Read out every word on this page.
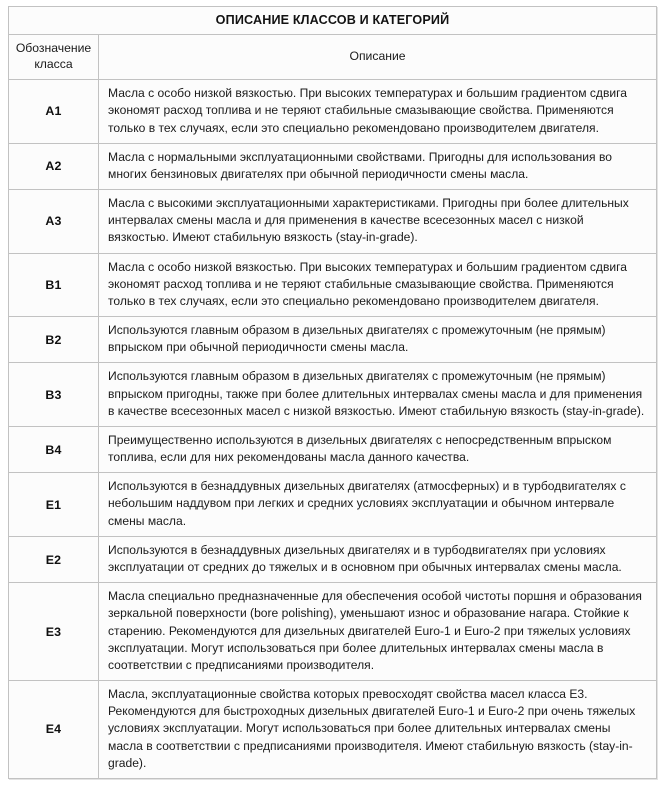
ОПИСАНИЕ КЛАССОВ И КАТЕГОРИЙ	
Обозначение класса	Описание
A1	Масла с особо низкой вязкостью. При высоких температурах и большим градиентом сдвига экономят расход топлива и не теряют стабильные смазывающие свойства. Применяются только в тех случаях, если это специально рекомендовано производителем двигателя.
A2	Масла с нормальными эксплуатационными свойствами. Пригодны для использования во многих бензиновых двигателях при обычной периодичности смены масла.
A3	Масла с высокими эксплуатационными характеристиками. Пригодны при более длительных интервалах смены масла и для применения в качестве всесезонных масел с низкой вязкостью. Имеют стабильную вязкость (stay-in-grade).
B1	Масла с особо низкой вязкостью. При высоких температурах и большим градиентом сдвига экономят расход топлива и не теряют стабильные смазывающие свойства. Применяются только в тех случаях, если это специально рекомендовано производителем двигателя.
B2	Используются главным образом в дизельных двигателях с промежуточным (не прямым) впрыском при обычной периодичности смены масла.
B3	Используются главным образом в дизельных двигателях с промежуточным (не прямым) впрыском пригодны, также при более длительных интервалах смены масла и для применения в качестве всесезонных масел с низкой вязкостью. Имеют стабильную вязкость (stay-in-grade).
B4	Преимущественно используются в дизельных двигателях с непосредственным впрыском топлива, если для них рекомендованы масла данного качества.
E1	Используются в безнаддувных дизельных двигателях (атмосферных) и в турбодвигателях с небольшим наддувом при легких и средних условиях эксплуатации и обычном интервале смены масла.
E2	Используются в безнаддувных дизельных двигателях и в турбодвигателях при условиях эксплуатации от средних до тяжелых и в основном при обычных интервалах смены масла.
E3	Масла специально предназначенные для обеспечения особой чистоты поршня и образования зеркальной поверхности (bore polishing), уменьшают износ и образование нагара. Стойкие к старению. Рекомендуются для дизельных двигателей Euro-1 и Euro-2 при тяжелых условиях эксплуатации. Могут использоваться при более длительных интервалах смены масла в соответствии с предписаниями производителя.
E4	Масла, эксплуатационные свойства которых превосходят свойства масел класса E3. Рекомендуются для быстроходных дизельных двигателей Euro-1 и Euro-2 при очень тяжелых условиях эксплуатации. Могут использоваться при более длительных интервалах смены масла в соответствии с предписаниями производителя. Имеют стабильную вязкость (stay-in-grade).
